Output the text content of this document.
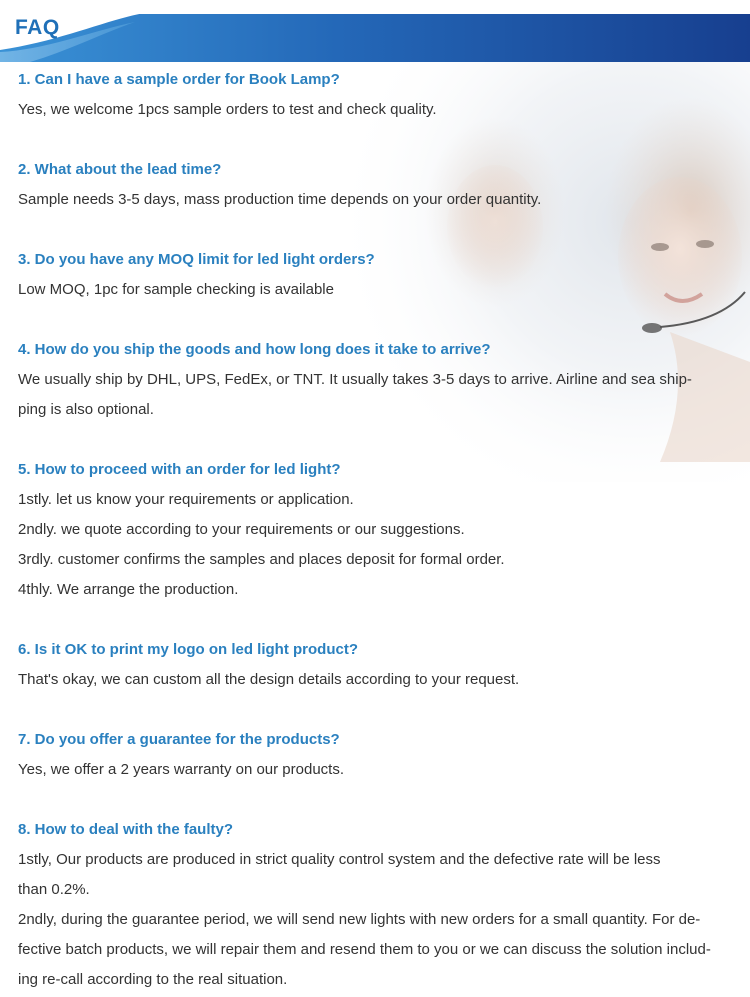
FAQ
1. Can I have a sample order for Book Lamp?
Yes, we welcome 1pcs sample orders to test and check quality.
2. What about the lead time?
Sample needs 3-5 days, mass production time depends on your order quantity.
3. Do you have any MOQ limit for led light orders?
Low MOQ, 1pc for sample checking is available
4. How do you ship the goods and how long does it take to arrive?
We usually ship by DHL, UPS, FedEx, or TNT. It usually takes 3-5 days to arrive. Airline and sea ship-
ping is also optional.
5. How to proceed with an order for led light?
1stly. let us know your requirements or application.
2ndly. we quote according to your requirements or our suggestions.
3rdly. customer confirms the samples and places deposit for formal order.
4thly. We arrange the production.
6. Is it OK to print my logo on led light product?
That's okay, we can custom all the design details according to your request.
7. Do you offer a guarantee for the products?
Yes, we offer a 2 years warranty on our products.
8. How to deal with the faulty?
1stly, Our products are produced in strict quality control system and the defective rate will be less
than 0.2%.
2ndly, during the guarantee period, we will send new lights with new orders for a small quantity. For de-
fective batch products, we will repair them and resend them to you or we can discuss the solution includ-
ing re-call according to the real situation.
